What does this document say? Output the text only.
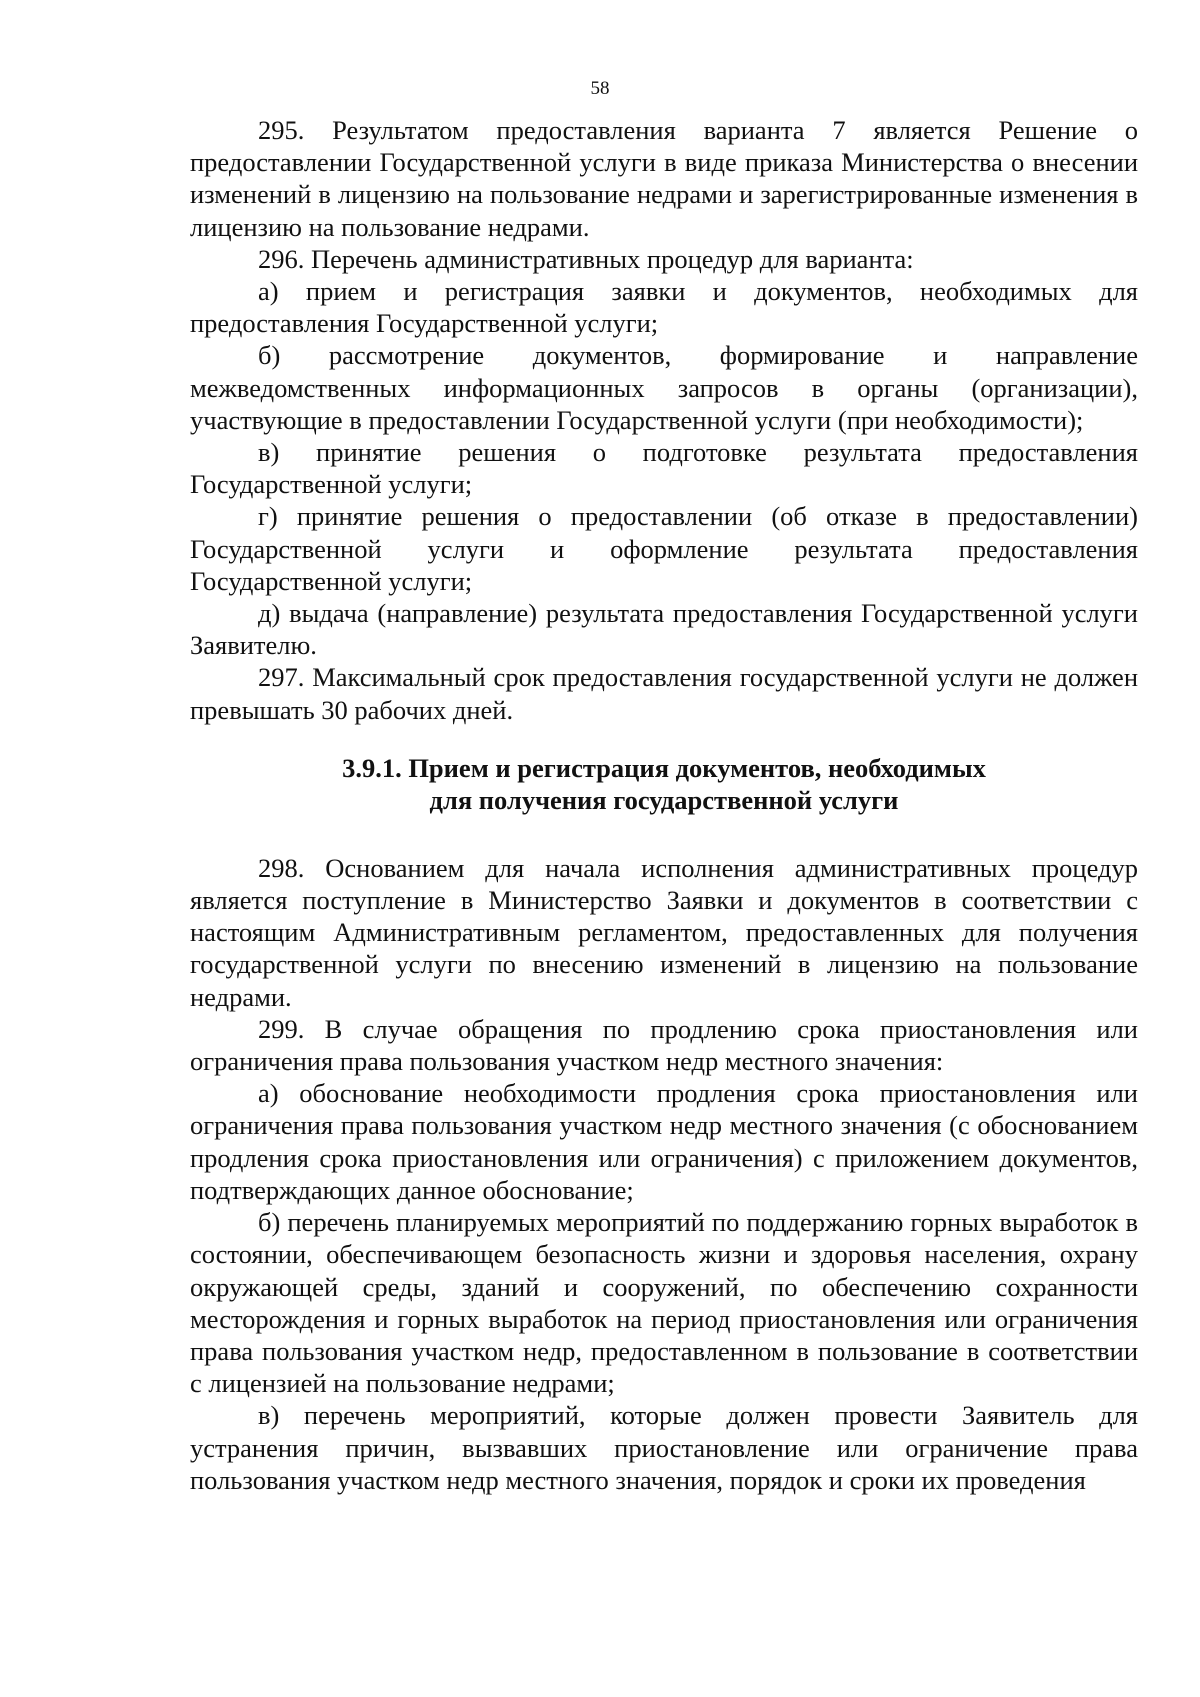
58

295. Результатом предоставления варианта 7 является Решение о предоставлении Государственной услуги в виде приказа Министерства о внесении изменений в лицензию на пользование недрами и зарегистрированные изменения в лицензию на пользование недрами.

296. Перечень административных процедур для варианта:

а) прием и регистрация заявки и документов, необходимых для предоставления Государственной услуги;

б) рассмотрение документов, формирование и направление межведомственных информационных запросов в органы (организации), участвующие в предоставлении Государственной услуги (при необходимости);

в) принятие решения о подготовке результата предоставления Государственной услуги;

г) принятие решения о предоставлении (об отказе в предоставлении) Государственной услуги и оформление результата предоставления Государственной услуги;

д) выдача (направление) результата предоставления Государственной услуги Заявителю.

297. Максимальный срок предоставления государственной услуги не должен превышать 30 рабочих дней.

3.9.1. Прием и регистрация документов, необходимых
для получения государственной услуги

298. Основанием для начала исполнения административных процедур является поступление в Министерство Заявки и документов в соответствии с настоящим Административным регламентом, предоставленных для получения государственной услуги по внесению изменений в лицензию на пользование недрами.

299. В случае обращения по продлению срока приостановления или ограничения права пользования участком недр местного значения:

а) обоснование необходимости продления срока приостановления или ограничения права пользования участком недр местного значения (с обоснованием продления срока приостановления или ограничения) с приложением документов, подтверждающих данное обоснование;

б) перечень планируемых мероприятий по поддержанию горных выработок в состоянии, обеспечивающем безопасность жизни и здоровья населения, охрану окружающей среды, зданий и сооружений, по обеспечению сохранности месторождения и горных выработок на период приостановления или ограничения права пользования участком недр, предоставленном в пользование в соответствии с лицензией на пользование недрами;

в) перечень мероприятий, которые должен провести Заявитель для устранения причин, вызвавших приостановление или ограничение права пользования участком недр местного значения, порядок и сроки их проведения
